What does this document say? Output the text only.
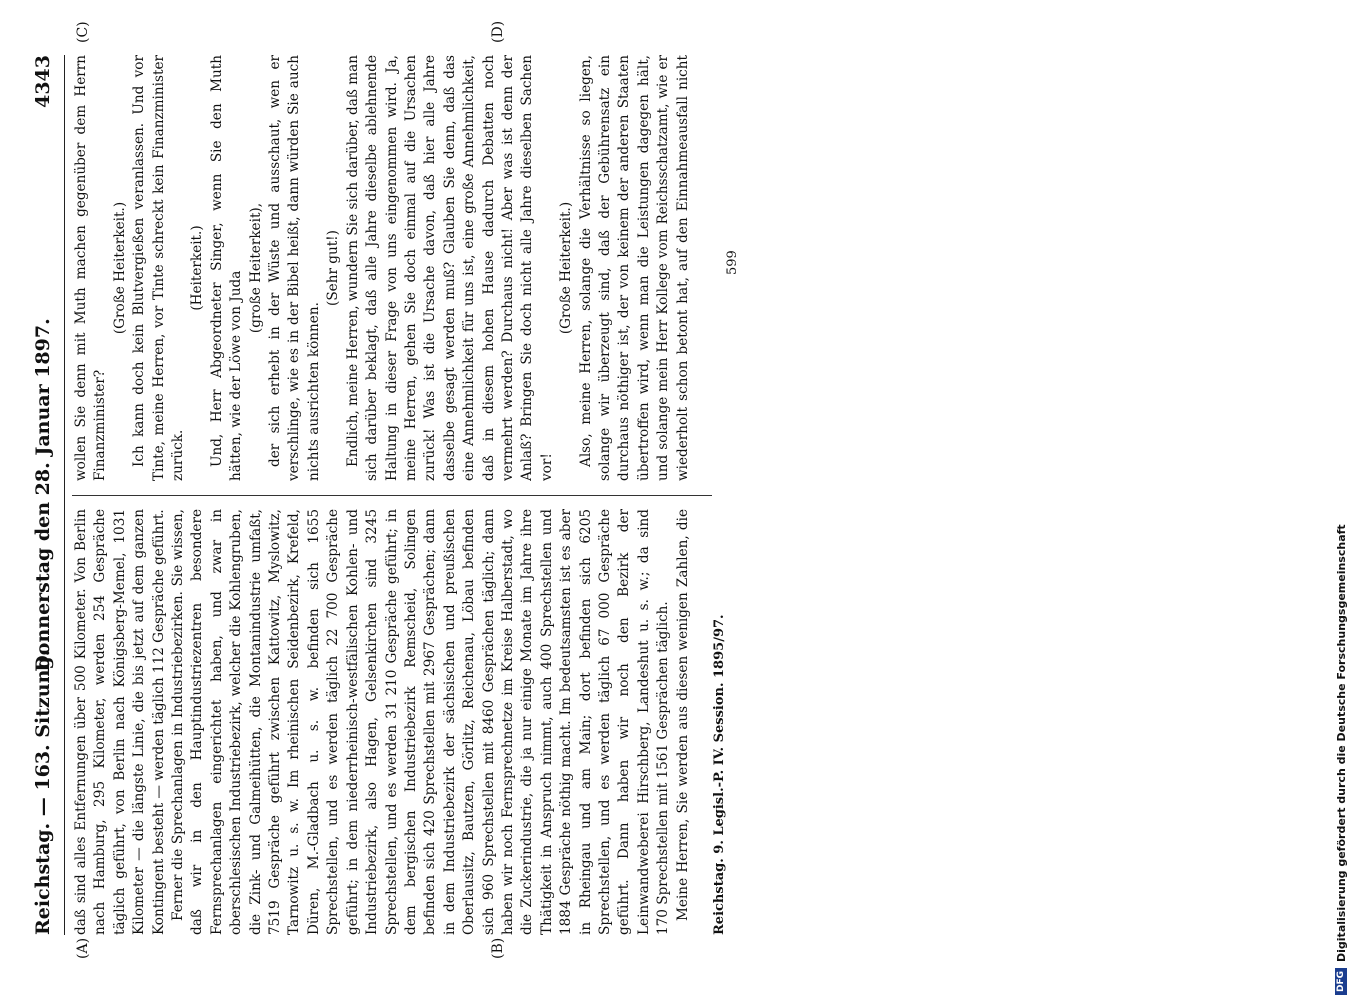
Reichstag. — 163. Sitzung.
Donnerstag den 28. Januar 1897.
4343
(A)	(B)
(C)	(D)

daß sind alles Entfernungen über 500 Kilometer. Von Berlin nach Hamburg, 295 Kilometer, werden 254 Gespräche täglich geführt, von Berlin nach Königsberg-Memel, 1031 Kilometer — die längste Linie, die bis jetzt auf dem ganzen Kontingent besteht — werden täglich 112 Gespräche geführt. Ferner die Sprechanlagen in Industriebezirken. Sie wissen, daß wir in den Hauptindustriezentren besondere Fernsprechanlagen eingerichtet haben, und zwar in oberschlesischen Industriebezirk, welcher die Kohlengruben, die Zink- und Galmeihütten, die Montanindustrie umfaßt, 7519 Gespräche geführt zwischen Kattowitz, Myslowitz, Tarnowitz u. s. w. Im rheinischen Seidenbezirk, Krefeld, Düren, M.-Gladbach u. s. w. befinden sich 1655 Sprechstellen, und es werden täglich 22 700 Gespräche geführt; in dem niederrheinisch-westfälischen Kohlen- und Industriebezirk, also Hagen, Gelsenkirchen sind 3245 Sprechstellen, und es werden 31 210 Gespräche geführt; in dem bergischen Industriebezirk Remscheid, Solingen befinden sich 420 Sprechstellen mit 2967 Gesprächen; dann in dem Industriebezirk der sächsischen und preußischen Oberlausitz, Bautzen, Görlitz, Reichenau, Löbau befinden sich 960 Sprechstellen mit 8460 Gesprächen täglich; dann haben wir noch Fernsprechnetze im Kreise Halberstadt, wo die Zuckerindustrie, die ja nur einige Monate im Jahre ihre Thätigkeit in Anspruch nimmt, auch 400 Sprechstellen und 1884 Gespräche nöthig macht. Im bedeutsamsten ist es aber in Rheingau und am Main; dort befinden sich 6205 Sprechstellen, und es werden täglich 67 000 Gespräche geführt. Dann haben wir noch den Bezirk der Leinwandweberei Hirschberg, Landeshut u. s. w.; da sind 170 Sprechstellen mit 1561 Gesprächen täglich. Meine Herren, Sie werden aus diesen wenigen Zahlen, die

wollen Sie denn mit Muth machen gegenüber dem Herrn Finanzminister?

(Große Heiterkeit.) Ich kann doch kein Blutvergießen veranlassen. Und vor Tinte, meine Herren, vor Tinte schreckt kein Finanzminister zurück.

(Heiterkeit.) Und, Herr Abgeordneter Singer, wenn Sie den Muth hätten, wie der Löwe von Juda

(große Heiterkeit), der sich erhebt in der Wüste und ausschaut, wen er verschlinge, wie es in der Bibel heißt, dann würden Sie auch nichts ausrichten können.

(Sehr gut!) Endlich, meine Herren, wundern Sie sich darüber, daß man sich darüber beklagt, daß alle Jahre dieselbe ablehnende Haltung in dieser Frage von uns eingenommen wird. Ja, meine Herren, gehen Sie doch einmal auf die Ursachen zurück! Was ist die Ursache davon, daß hier alle Jahre dasselbe gesagt werden muß? Glauben Sie denn, daß das eine Annehmlichkeit für uns ist, eine große Annehmlichkeit, daß in diesem hohen Hause dadurch Debatten noch vermehrt werden? Durchaus nicht! Aber was ist denn der Anlaß? Bringen Sie doch nicht alle Jahre dieselben Sachen vor!

(Große Heiterkeit.)

Also, meine Herren, solange die Verhältnisse so liegen, solange wir überzeugt sind, daß der Gebührensatz ein durchaus nöthiger ist, der von keinem der anderen Staaten übertroffen wird, wenn man die Leistungen dagegen hält, und solange mein Herr Kollege vom Reichsschatzamt, wie er wiederholt schon betont hat, auf den Einnahmeausfall nicht

Reichstag. 9. Legisl.-P. IV. Session. 1895/97.
599
DFG
Digitalisierung gefördert durch die Deutsche Forschungsgemeinschaft
